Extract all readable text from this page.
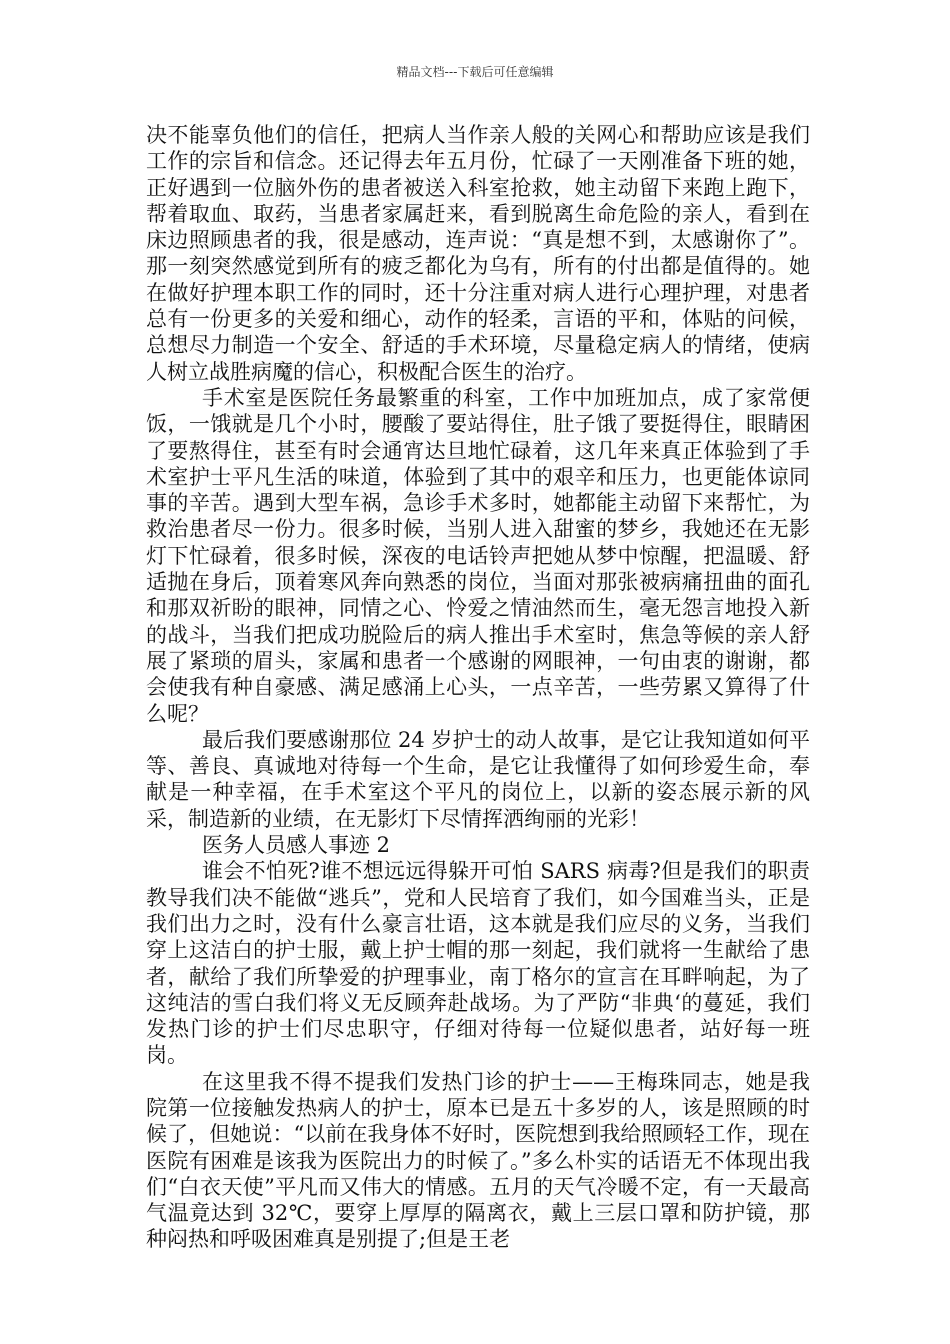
精品文档---下载后可任意编辑

决不能辜负他们的信任，把病人当作亲人般的关网心和帮助应该是我们工作的宗旨和信念。还记得去年五月份，忙碌了一天刚准备下班的她，正好遇到一位脑外伤的患者被送入科室抢救，她主动留下来跑上跑下，帮着取血、取药，当患者家属赶来，看到脱离生命危险的亲人，看到在床边照顾患者的我，很是感动，连声说：“真是想不到，太感谢你了”。那一刻突然感觉到所有的疲乏都化为乌有，所有的付出都是值得的。她在做好护理本职工作的同时，还十分注重对病人进行心理护理，对患者总有一份更多的关爱和细心，动作的轻柔，言语的平和，体贴的问候，总想尽力制造一个安全、舒适的手术环境，尽量稳定病人的情绪，使病人树立战胜病魔的信心，积极配合医生的治疗。

手术室是医院任务最繁重的科室，工作中加班加点，成了家常便饭，一饿就是几个小时，腰酸了要站得住，肚子饿了要挺得住，眼睛困了要熬得住，甚至有时会通宵达旦地忙碌着，这几年来真正体验到了手术室护士平凡生活的味道，体验到了其中的艰辛和压力，也更能体谅同事的辛苦。遇到大型车祸，急诊手术多时，她都能主动留下来帮忙，为救治患者尽一份力。很多时候，当别人进入甜蜜的梦乡，我她还在无影灯下忙碌着，很多时候，深夜的电话铃声把她从梦中惊醒，把温暖、舒适抛在身后，顶着寒风奔向熟悉的岗位，当面对那张被病痛扭曲的面孔和那双祈盼的眼神，同情之心、怜爱之情油然而生，毫无怨言地投入新的战斗，当我们把成功脱险后的病人推出手术室时，焦急等候的亲人舒展了紧琐的眉头，家属和患者一个感谢的网眼神，一句由衷的谢谢，都会使我有种自豪感、满足感涌上心头，一点辛苦，一些劳累又算得了什么呢？

最后我们要感谢那位 24 岁护士的动人故事，是它让我知道如何平等、善良、真诚地对待每一个生命，是它让我懂得了如何珍爱生命，奉献是一种幸福，在手术室这个平凡的岗位上，以新的姿态展示新的风采，制造新的业绩，在无影灯下尽情挥洒绚丽的光彩！

医务人员感人事迹 2

谁会不怕死?谁不想远远得躲开可怕 SARS 病毒?但是我们的职责教导我们决不能做“逃兵”，党和人民培育了我们，如今国难当头，正是我们出力之时，没有什么豪言壮语，这本就是我们应尽的义务，当我们穿上这洁白的护士服，戴上护士帽的那一刻起，我们就将一生献给了患者，献给了我们所挚爱的护理事业，南丁格尔的宣言在耳畔响起，为了这纯洁的雪白我们将义无反顾奔赴战场。为了严防“非典‘的蔓延，我们发热门诊的护士们尽忠职守，仔细对待每一位疑似患者，站好每一班岗。

在这里我不得不提我们发热门诊的护士——王梅珠同志，她是我院第一位接触发热病人的护士，原本已是五十多岁的人，该是照顾的时候了，但她说：“以前在我身体不好时，医院想到我给照顾轻工作，现在医院有困难是该我为医院出力的时候了。”多么朴实的话语无不体现出我们“白衣天使”平凡而又伟大的情感。五月的天气冷暖不定，有一天最高气温竟达到 32℃，要穿上厚厚的隔离衣，戴上三层口罩和防护镜，那种闷热和呼吸困难真是别提了;但是王老
